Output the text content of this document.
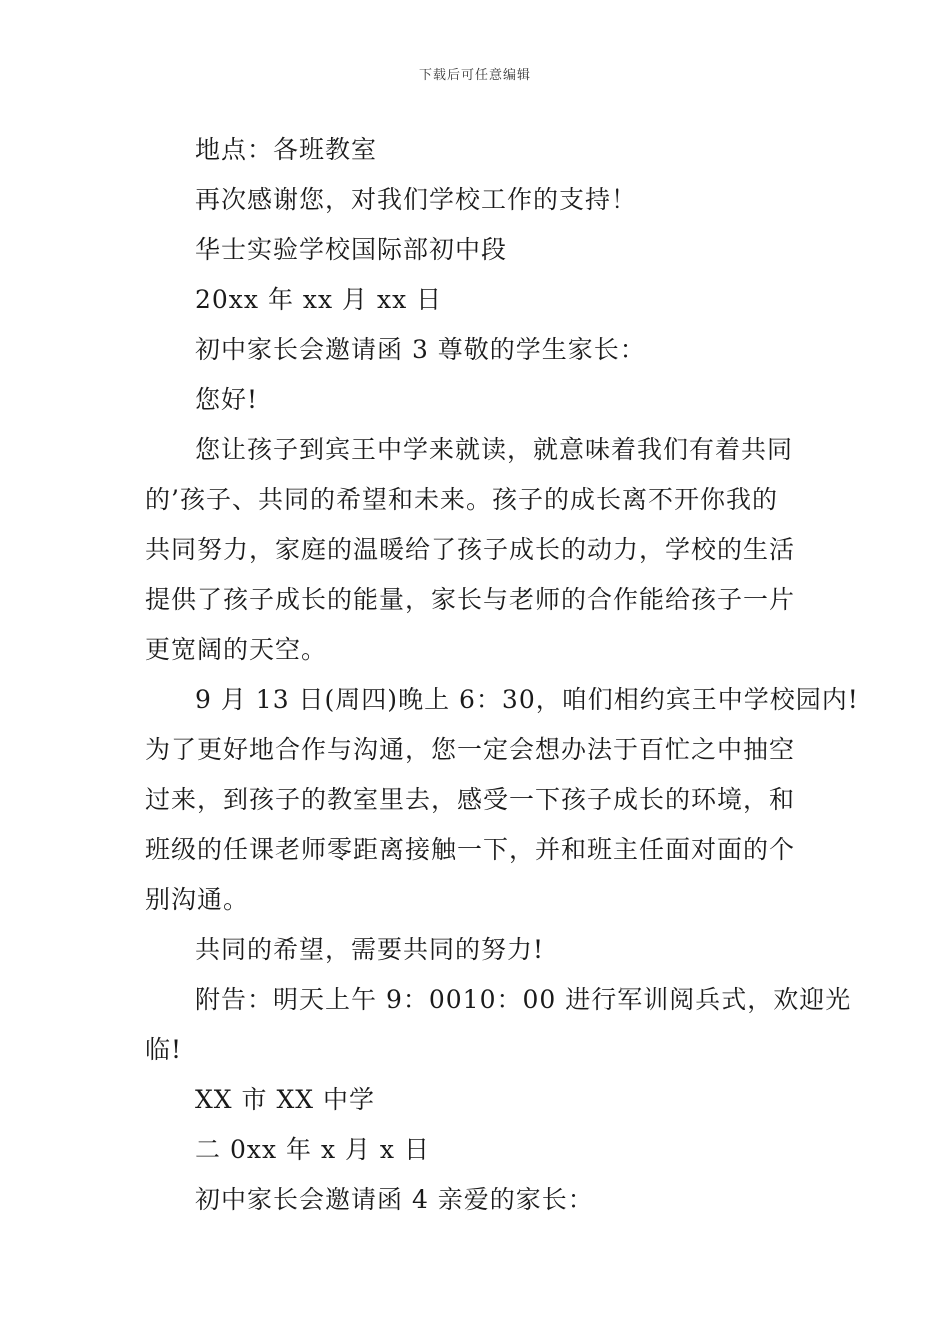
下载后可任意编辑
地点：各班教室
再次感谢您，对我们学校工作的支持！
华士实验学校国际部初中段
20xx 年 xx 月 xx 日
初中家长会邀请函 3 尊敬的学生家长：
您好!
您让孩子到宾王中学来就读，就意味着我们有着共同
的’孩子、共同的希望和未来。孩子的成长离不开你我的
共同努力，家庭的温暖给了孩子成长的动力，学校的生活
提供了孩子成长的能量，家长与老师的合作能给孩子一片
更宽阔的天空。
9 月 13 日(周四)晚上 6：30，咱们相约宾王中学校园内!
为了更好地合作与沟通，您一定会想办法于百忙之中抽空
过来，到孩子的教室里去，感受一下孩子成长的环境，和
班级的任课老师零距离接触一下，并和班主任面对面的个
别沟通。
共同的希望，需要共同的努力!
附告：明天上午 9：0010：00 进行军训阅兵式，欢迎光
临!
XX 市 XX 中学
二 0xx 年 x 月 x 日
初中家长会邀请函 4 亲爱的家长：
